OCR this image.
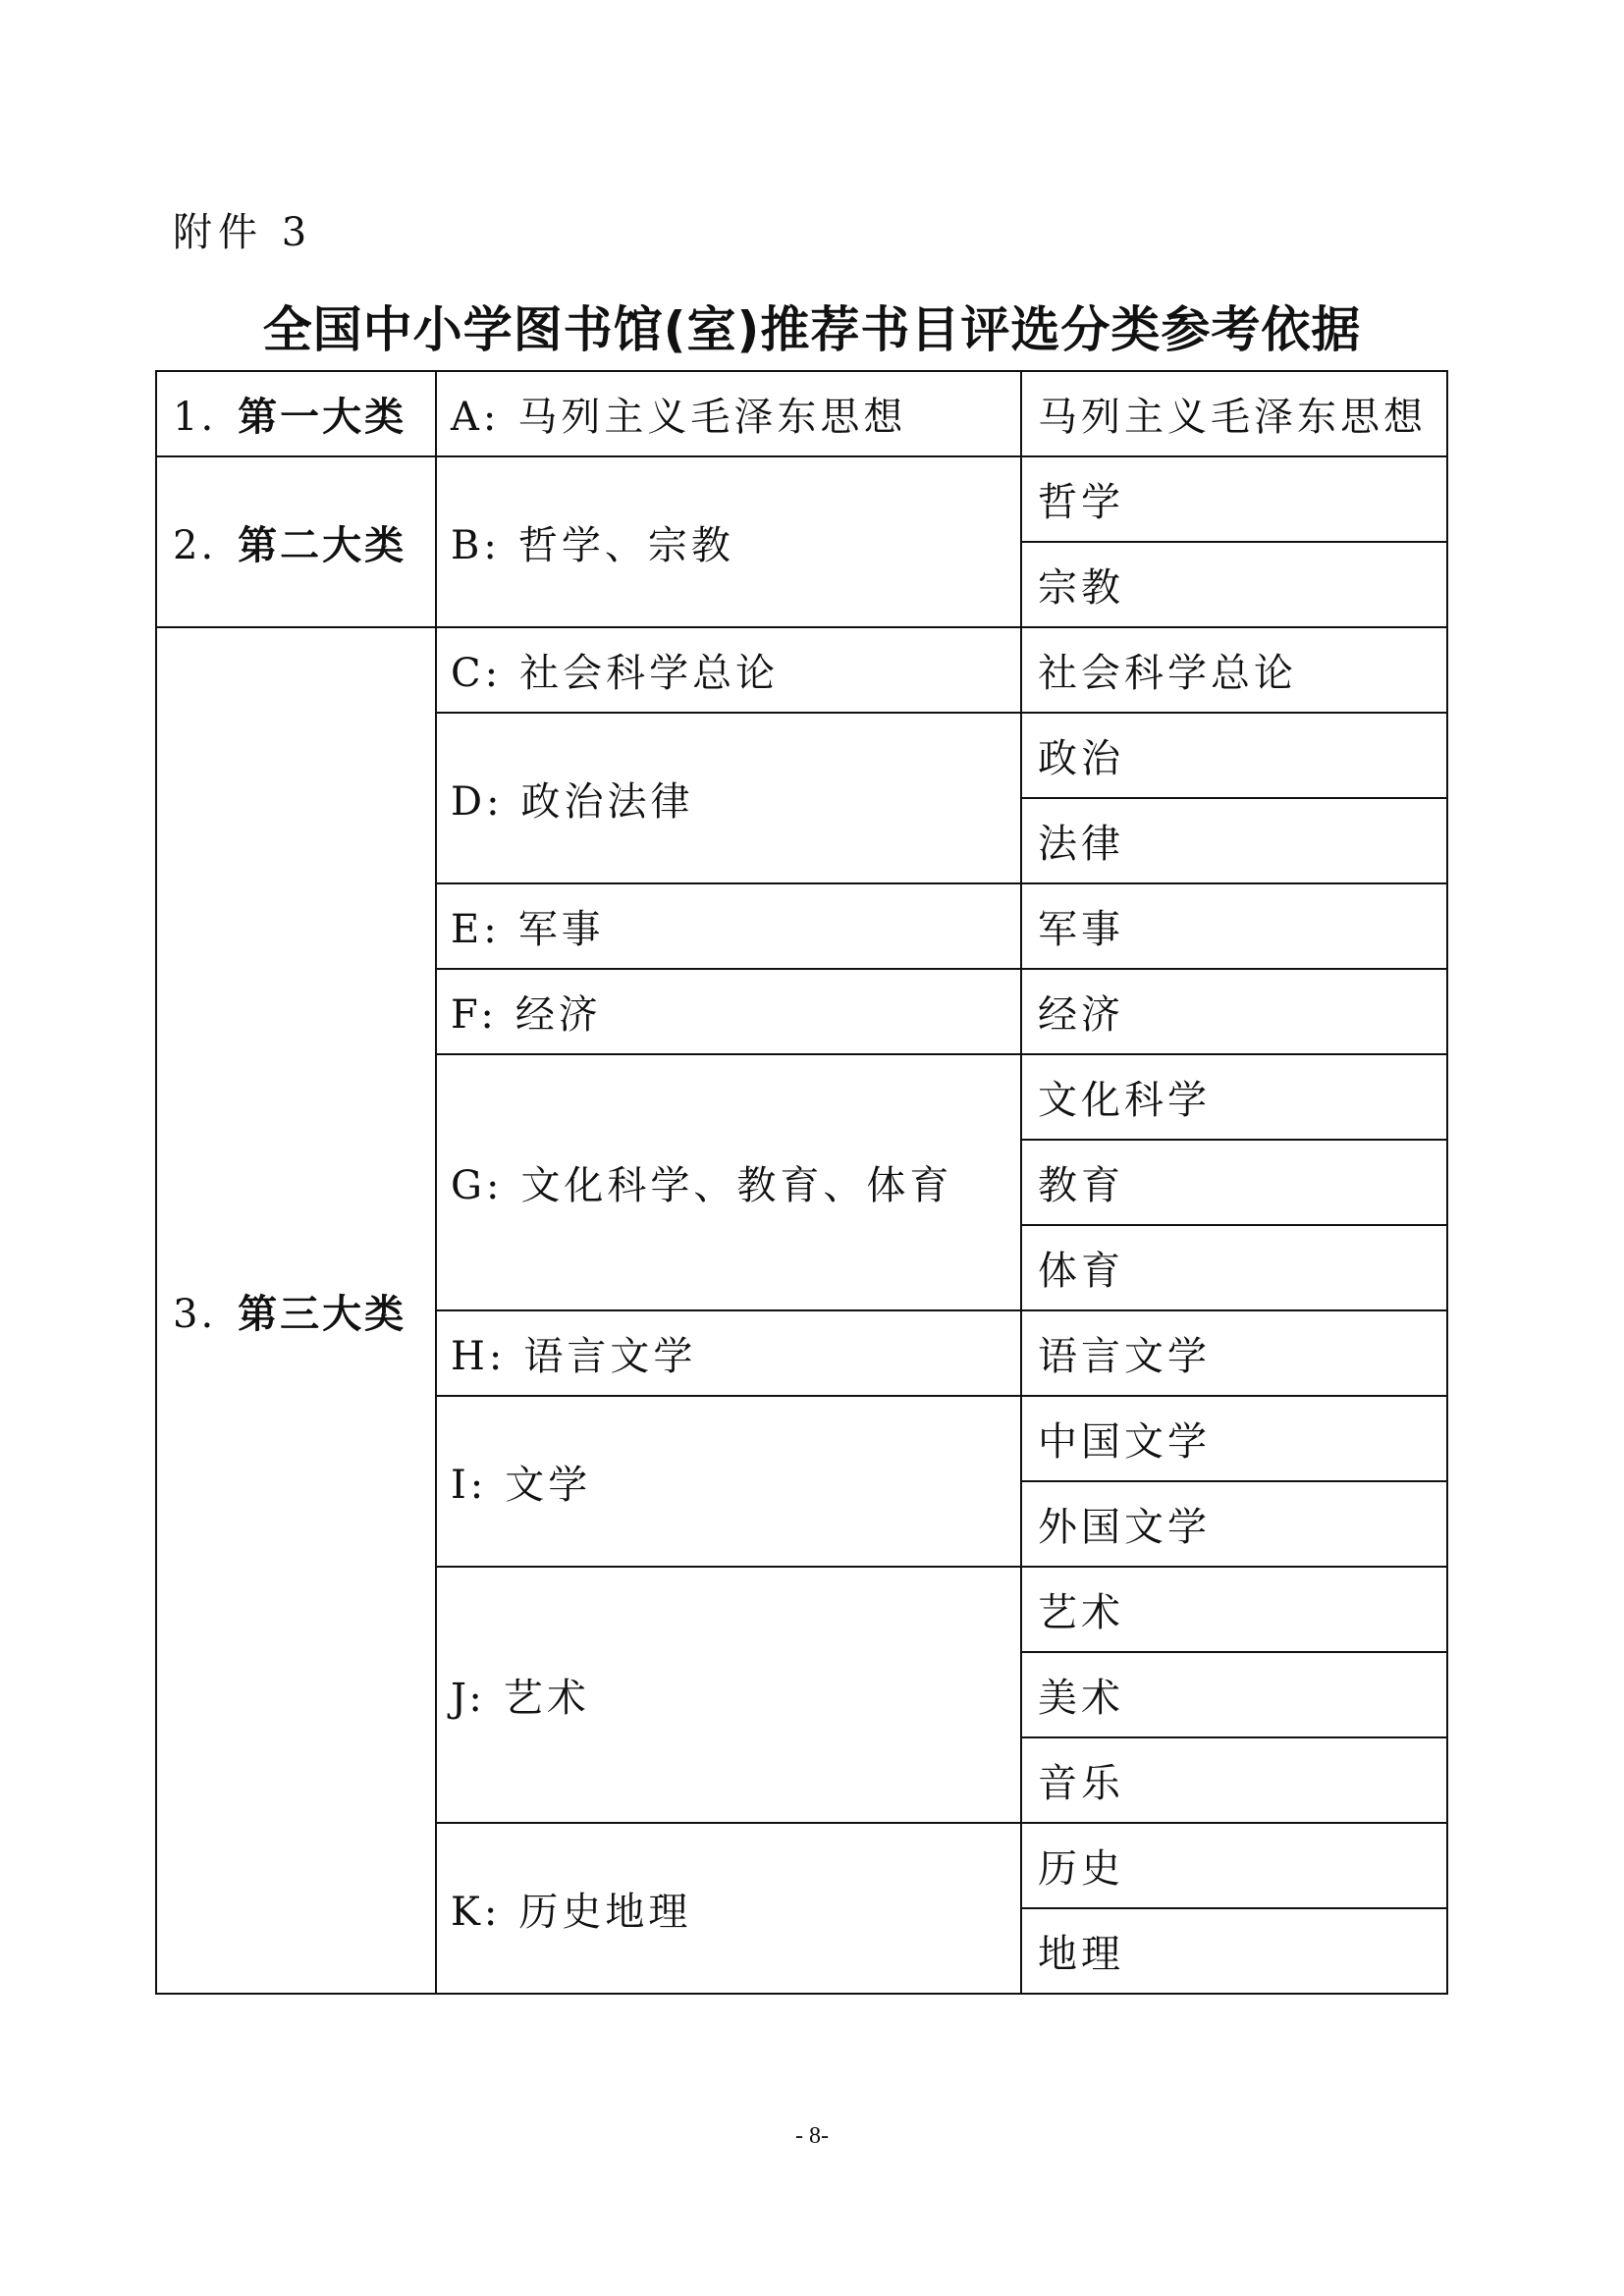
附件 3
全国中小学图书馆(室)推荐书目评选分类参考依据
1. 第一大类	A: 马列主义毛泽东思想	马列主义毛泽东思想
2. 第二大类	B: 哲学、宗教	哲学
		宗教
3. 第三大类	C: 社会科学总论	社会科学总论
	D: 政治法律	政治
		法律
	E: 军事	军事
	F: 经济	经济
	G: 文化科学、教育、体育	文化科学
		教育
		体育
	H: 语言文学	语言文学
	I: 文学	中国文学
		外国文学
	J: 艺术	艺术
		美术
		音乐
	K: 历史地理	历史
		地理
- 8-
